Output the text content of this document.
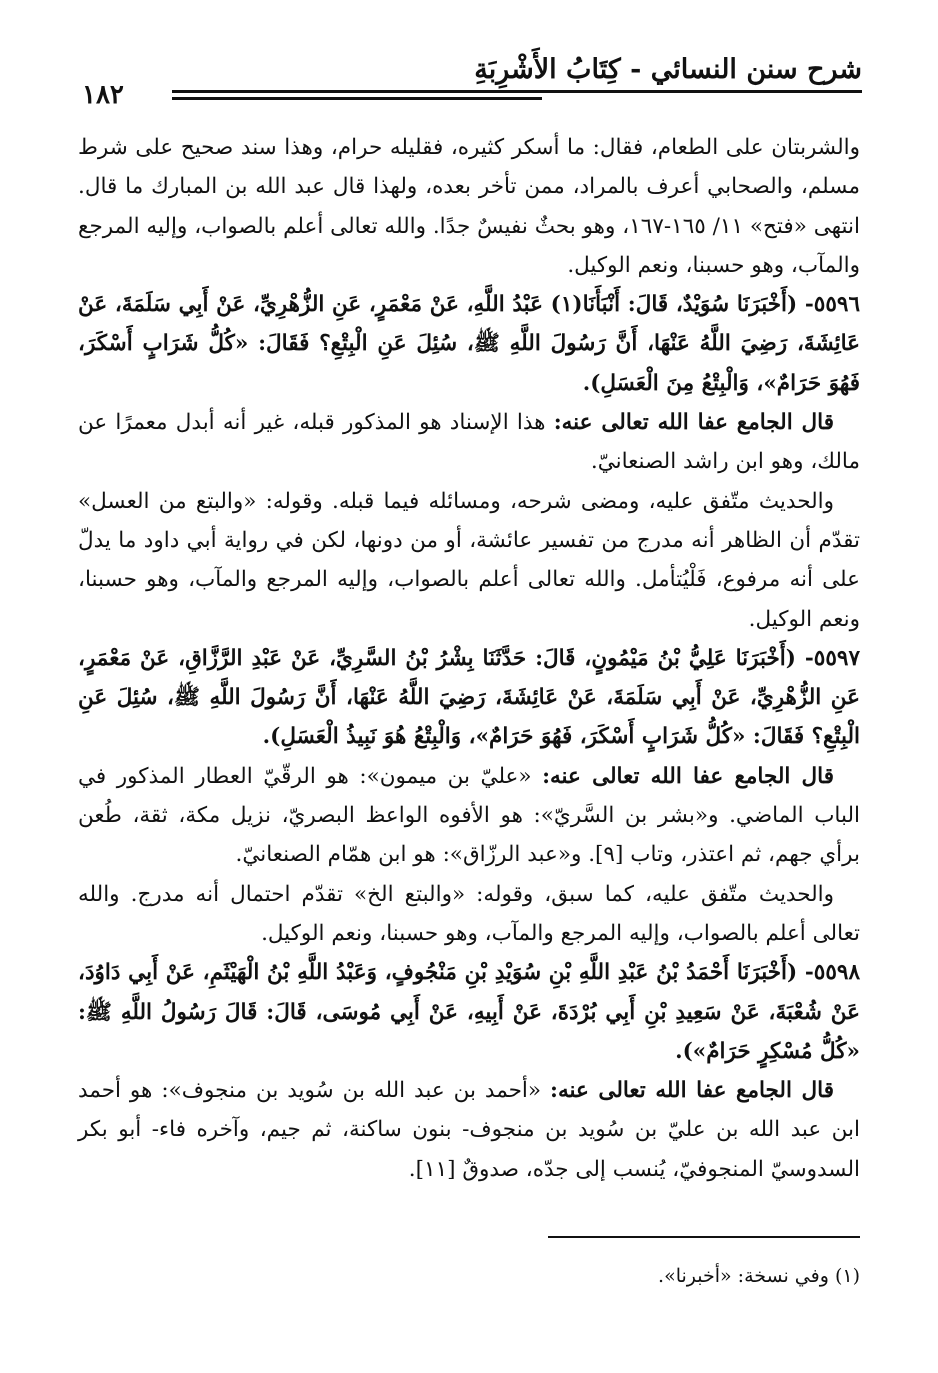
شرح سنن النسائي - كِتَابُ الأَشْرِبَةِ
١٨٢

والشربتان على الطعام، فقال: ما أسكر كثيره، فقليله حرام، وهذا سند صحيح على شرط مسلم، والصحابي أعرف بالمراد، ممن تأخر بعده، ولهذا قال عبد الله بن المبارك ما قال. انتهى «فتح» ١١/ ١٦٥-١٦٧، وهو بحثٌ نفيسٌ جدًا. والله تعالى أعلم بالصواب، وإليه المرجع والمآب، وهو حسبنا، ونعم الوكيل.

٥٥٩٦- (أَخْبَرَنَا سُوَيْدٌ، قَالَ: أَنْبَأَنَا(١) عَبْدُ اللَّهِ، عَنْ مَعْمَرٍ، عَنِ الزُّهْرِيِّ، عَنْ أَبِي سَلَمَةَ، عَنْ عَائِشَةَ، رَضِيَ اللَّهُ عَنْهَا، أَنَّ رَسُولَ اللَّهِ ﷺ، سُئِلَ عَنِ الْبِتْعِ؟ فَقَالَ: «كُلُّ شَرَابٍ أَسْكَرَ، فَهُوَ حَرَامٌ»، وَالْبِتْعُ مِنَ الْعَسَلِ).

قال الجامع عفا الله تعالى عنه: هذا الإسناد هو المذكور قبله، غير أنه أبدل معمرًا عن مالك، وهو ابن راشد الصنعانيّ.

والحديث متّفق عليه، ومضى شرحه، ومسائله فيما قبله. وقوله: «والبتع من العسل» تقدّم أن الظاهر أنه مدرج من تفسير عائشة، أو من دونها، لكن في رواية أبي داود ما يدلّ على أنه مرفوع، فَلْيُتأمل. والله تعالى أعلم بالصواب، وإليه المرجع والمآب، وهو حسبنا، ونعم الوكيل.

٥٥٩٧- (أَخْبَرَنَا عَلِيُّ بْنُ مَيْمُونٍ، قَالَ: حَدَّثَنَا بِشْرُ بْنُ السَّرِيِّ، عَنْ عَبْدِ الرَّزَّاقِ، عَنْ مَعْمَرٍ، عَنِ الزُّهْرِيِّ، عَنْ أَبِي سَلَمَةَ، عَنْ عَائِشَةَ، رَضِيَ اللَّهُ عَنْهَا، أَنَّ رَسُولَ اللَّهِ ﷺ، سُئِلَ عَنِ الْبِتْعِ؟ فَقَالَ: «كُلُّ شَرَابٍ أَسْكَرَ، فَهُوَ حَرَامٌ»، وَالْبِتْعُ هُوَ نَبِيذُ الْعَسَلِ).

قال الجامع عفا الله تعالى عنه: «عليّ بن ميمون»: هو الرقّيّ العطار المذكور في الباب الماضي. و«بشر بن السَّريّ»: هو الأفوه الواعظ البصريّ، نزيل مكة، ثقة، طُعن برأي جهم، ثم اعتذر، وتاب [٩]. و«عبد الرزّاق»: هو ابن همّام الصنعانيّ.

والحديث متّفق عليه، كما سبق، وقوله: «والبتع الخ» تقدّم احتمال أنه مدرج. والله تعالى أعلم بالصواب، وإليه المرجع والمآب، وهو حسبنا، ونعم الوكيل.

٥٥٩٨- (أَخْبَرَنَا أَحْمَدُ بْنُ عَبْدِ اللَّهِ بْنِ سُوَيْدِ بْنِ مَنْجُوفٍ، وَعَبْدُ اللَّهِ بْنُ الْهَيْثَمِ، عَنْ أَبِي دَاوُدَ، عَنْ شُعْبَةَ، عَنْ سَعِيدِ بْنِ أَبِي بُرْدَةَ، عَنْ أَبِيهِ، عَنْ أَبِي مُوسَى، قَالَ: قَالَ رَسُولُ اللَّهِ ﷺ: «كُلُّ مُسْكِرٍ حَرَامٌ»).

قال الجامع عفا الله تعالى عنه: «أحمد بن عبد الله بن سُويد بن منجوف»: هو أحمد ابن عبد الله بن عليّ بن سُويد بن منجوف- بنون ساكنة، ثم جيم، وآخره فاء- أبو بكر السدوسيّ المنجوفيّ، يُنسب إلى جدّه، صدوقٌ [١١].

(١) وفي نسخة: «أخبرنا».
